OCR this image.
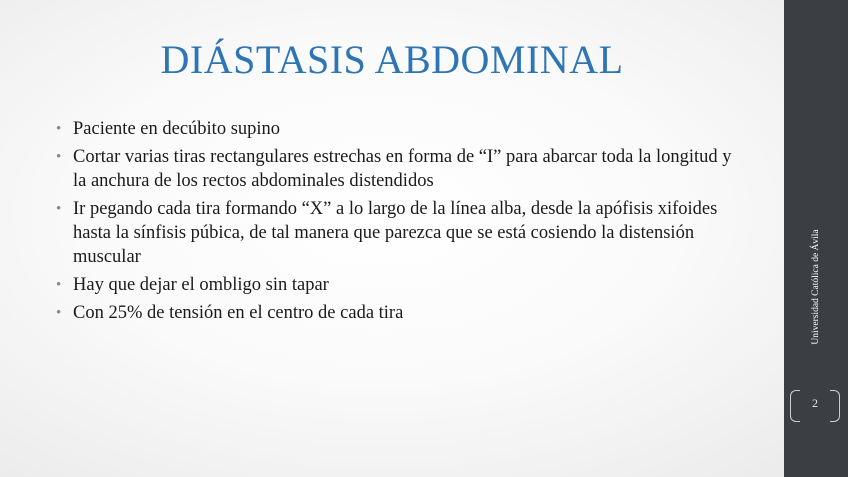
DIÁSTASIS ABDOMINAL
• Paciente en decúbito supino
• Cortar varias tiras rectangulares estrechas en forma de “I” para abarcar toda la longitud y la anchura de los rectos abdominales distendidos
• Ir pegando cada tira formando “X” a lo largo de la línea alba, desde la apófisis xifoides hasta la sínfisis púbica, de tal manera que parezca que se está cosiendo la distensión muscular
• Hay que dejar el ombligo sin tapar
• Con 25% de tensión en el centro de cada tira	Universidad Católica de Ávila
2
